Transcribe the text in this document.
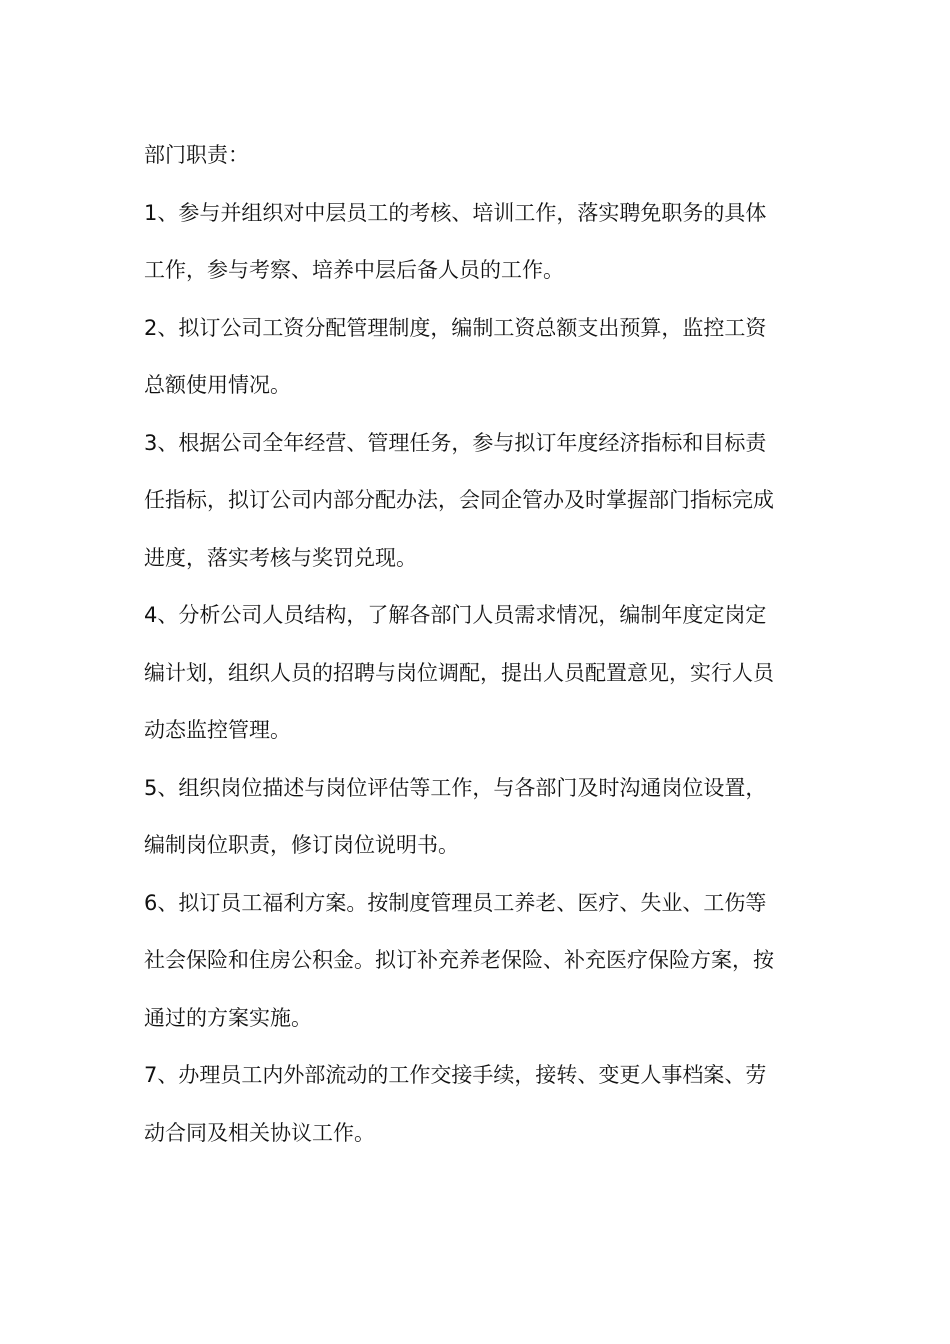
部门职责：

1、参与并组织对中层员工的考核、培训工作，落实聘免职务的具体
工作，参与考察、培养中层后备人员的工作。
2、拟订公司工资分配管理制度，编制工资总额支出预算，监控工资
总额使用情况。
3、根据公司全年经营、管理任务，参与拟订年度经济指标和目标责
任指标，拟订公司内部分配办法，会同企管办及时掌握部门指标完成
进度，落实考核与奖罚兑现。
4、分析公司人员结构，了解各部门人员需求情况，编制年度定岗定
编计划，组织人员的招聘与岗位调配，提出人员配置意见，实行人员
动态监控管理。
5、组织岗位描述与岗位评估等工作，与各部门及时沟通岗位设置，
编制岗位职责，修订岗位说明书。
6、拟订员工福利方案。按制度管理员工养老、医疗、失业、工伤等
社会保险和住房公积金。拟订补充养老保险、补充医疗保险方案，按
通过的方案实施。
7、办理员工内外部流动的工作交接手续，接转、变更人事档案、劳
动合同及相关协议工作。
